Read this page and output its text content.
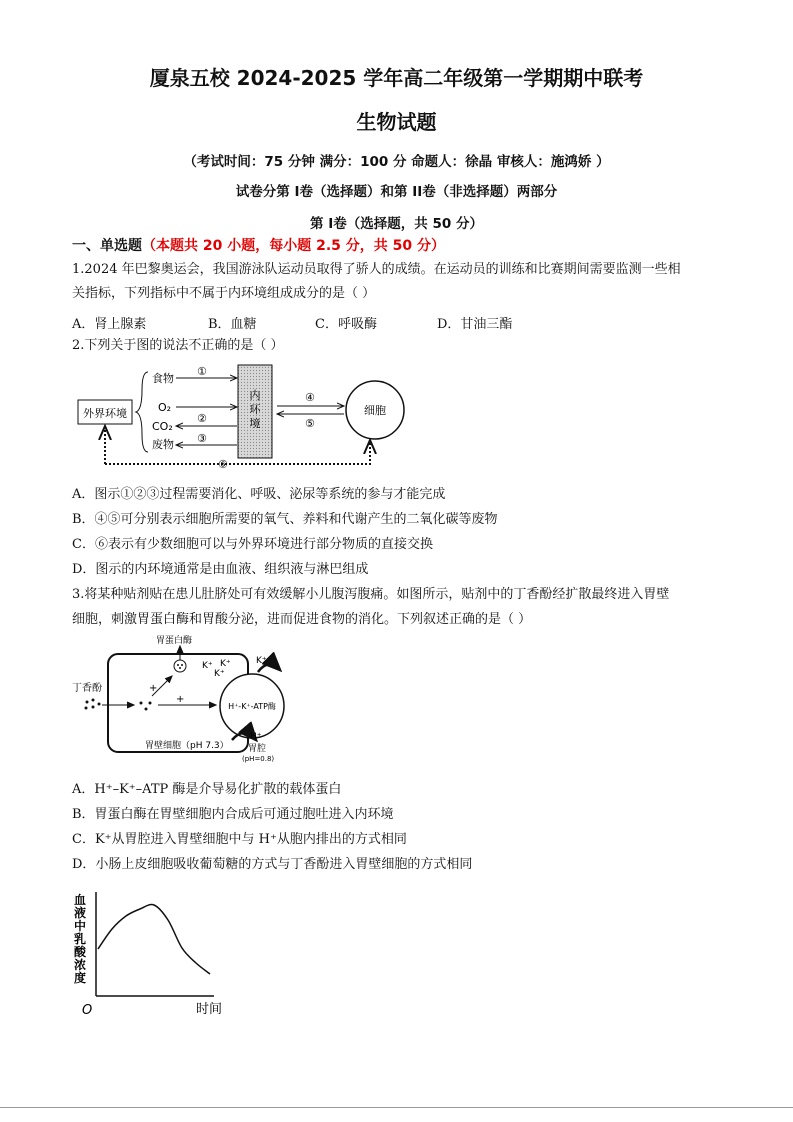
厦泉五校 2024-2025 学年高二年级第一学期期中联考
生物试题
（考试时间：75 分钟 满分：100 分 命题人：徐晶 审核人：施鸿娇 ）
试卷分第 I卷（选择题）和第 II卷（非选择题）两部分
第 I卷（选择题，共 50 分）
一、单选题（本题共 20 小题，每小题 2.5 分，共 50 分）
1.2024 年巴黎奥运会，我国游泳队运动员取得了骄人的成绩。在运动员的训练和比赛期间需要监测一些相
关指标，下列指标中不属于内环境组成成分的是（ ）
A．肾上腺素	B．血糖	C．呼吸酶	D．甘油三酯
2.下列关于图的说法不正确的是（ ）
外界环境
食物
O₂
CO₂
废物
①
②
③
内环境
④
⑤
细胞
⑥
A．图示①②③过程需要消化、呼吸、泌尿等系统的参与才能完成
B．④⑤可分别表示细胞所需要的氧气、养料和代谢产生的二氧化碳等废物
C．⑥表示有少数细胞可以与外界环境进行部分物质的直接交换
D．图示的内环境通常是由血液、组织液与淋巴组成
3.将某种贴剂贴在患儿肚脐处可有效缓解小儿腹泻腹痛。如图所示，贴剂中的丁香酚经扩散最终进入胃壁
细胞，刺激胃蛋白酶和胃酸分泌，进而促进食物的消化。下列叙述正确的是（ ）
胃壁细胞（pH 7.3）
胃蛋白酶
丁香酚	+
+
H⁺-K⁺-ATP酶
K⁺ K⁺
K⁺
K⁺
H⁺
胃腔
(pH=0.8)
A．H⁺–K⁺–ATP 酶是介导易化扩散的载体蛋白
B．胃蛋白酶在胃壁细胞内合成后可通过胞吐进入内环境
C．K⁺从胃腔进入胃壁细胞中与 H⁺从胞内排出的方式相同
D．小肠上皮细胞吸收葡萄糖的方式与丁香酚进入胃壁细胞的方式相同
血液中乳酸浓度
O	时间
